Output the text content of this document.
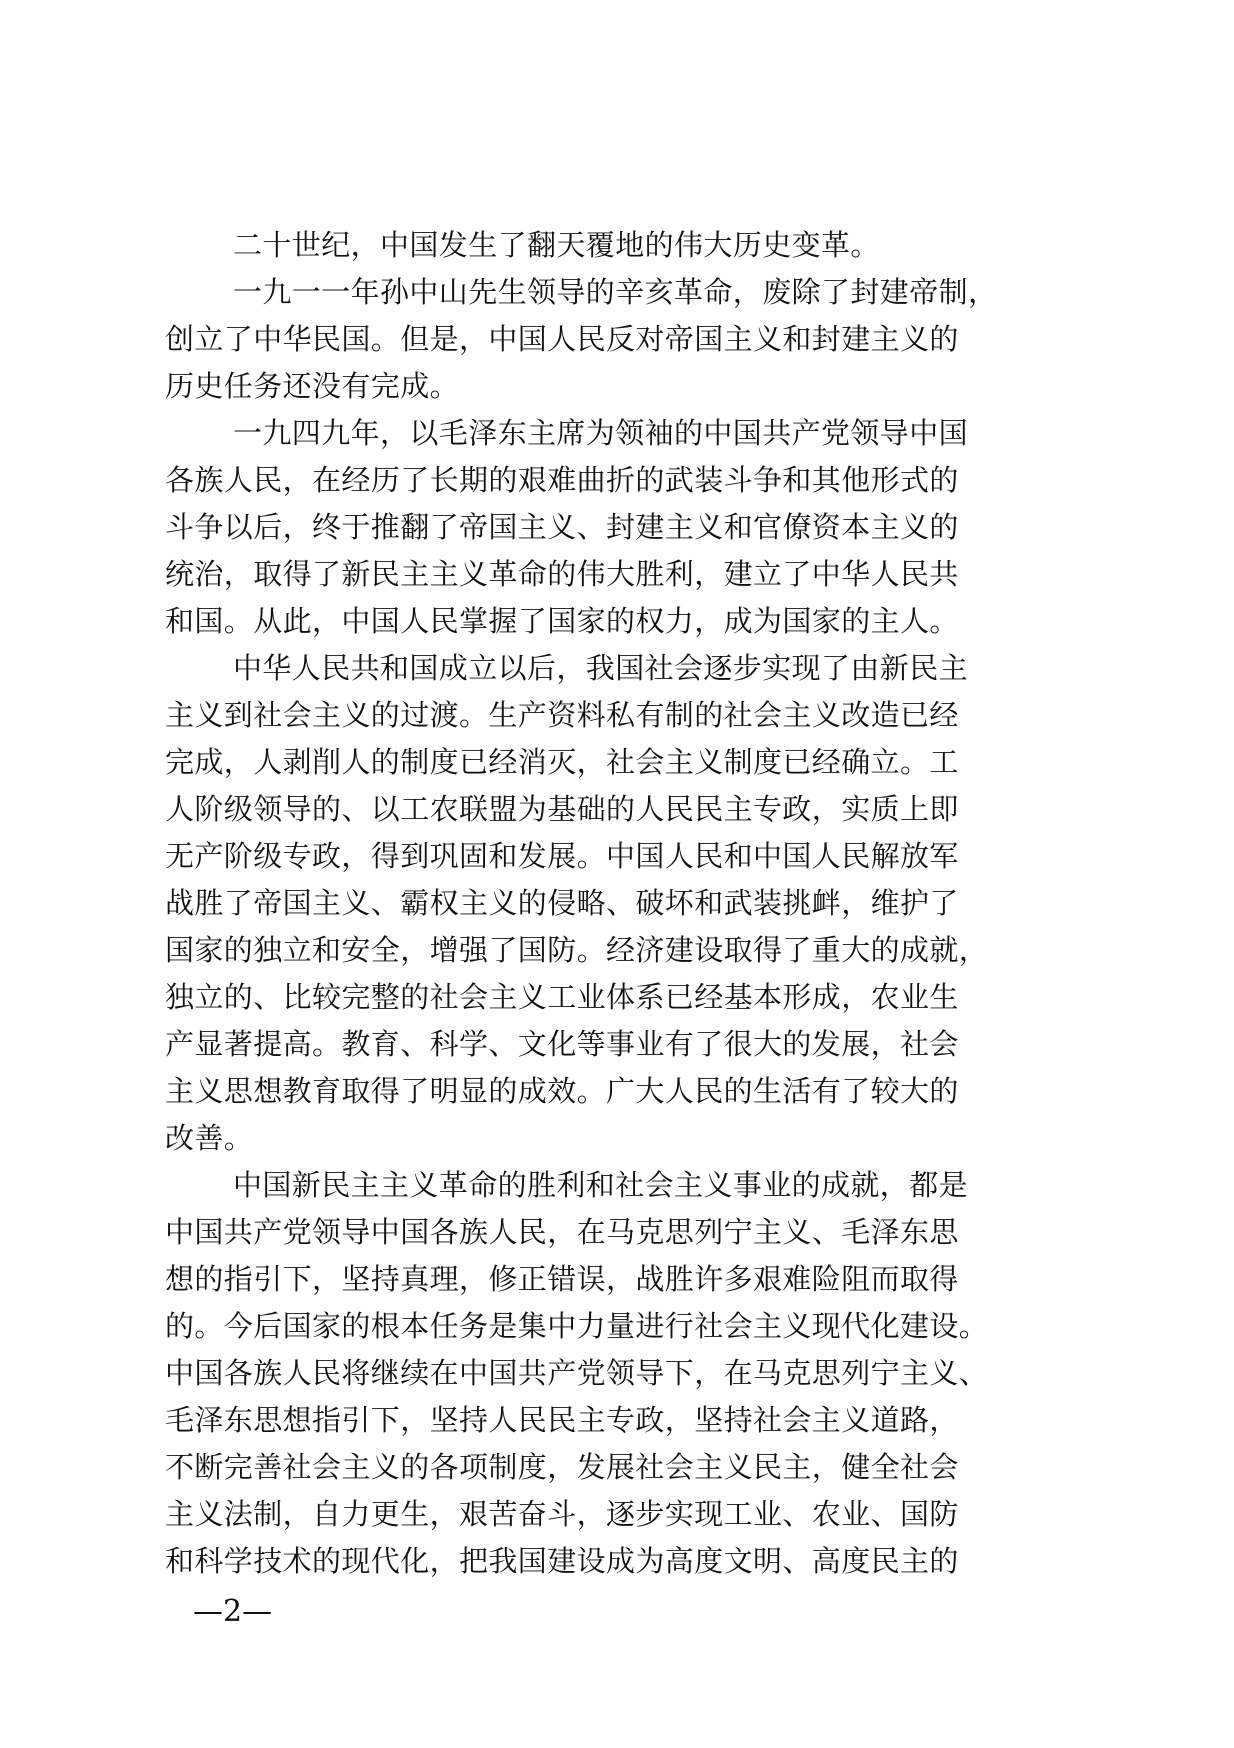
二十世纪，中国发生了翻天覆地的伟大历史变革。
一九一一年孙中山先生领导的辛亥革命，废除了封建帝制，
创立了中华民国。但是，中国人民反对帝国主义和封建主义的
历史任务还没有完成。
一九四九年，以毛泽东主席为领袖的中国共产党领导中国
各族人民，在经历了长期的艰难曲折的武装斗争和其他形式的
斗争以后，终于推翻了帝国主义、封建主义和官僚资本主义的
统治，取得了新民主主义革命的伟大胜利，建立了中华人民共
和国。从此，中国人民掌握了国家的权力，成为国家的主人。
中华人民共和国成立以后，我国社会逐步实现了由新民主
主义到社会主义的过渡。生产资料私有制的社会主义改造已经
完成，人剥削人的制度已经消灭，社会主义制度已经确立。工
人阶级领导的、以工农联盟为基础的人民民主专政，实质上即
无产阶级专政，得到巩固和发展。中国人民和中国人民解放军
战胜了帝国主义、霸权主义的侵略、破坏和武装挑衅，维护了
国家的独立和安全，增强了国防。经济建设取得了重大的成就，
独立的、比较完整的社会主义工业体系已经基本形成，农业生
产显著提高。教育、科学、文化等事业有了很大的发展，社会
主义思想教育取得了明显的成效。广大人民的生活有了较大的
改善。
中国新民主主义革命的胜利和社会主义事业的成就，都是
中国共产党领导中国各族人民，在马克思列宁主义、毛泽东思
想的指引下，坚持真理，修正错误，战胜许多艰难险阻而取得
的。今后国家的根本任务是集中力量进行社会主义现代化建设。
中国各族人民将继续在中国共产党领导下，在马克思列宁主义、
毛泽东思想指引下，坚持人民民主专政，坚持社会主义道路，
不断完善社会主义的各项制度，发展社会主义民主，健全社会
主义法制，自力更生，艰苦奋斗，逐步实现工业、农业、国防
和科学技术的现代化，把我国建设成为高度文明、高度民主的
—2—
